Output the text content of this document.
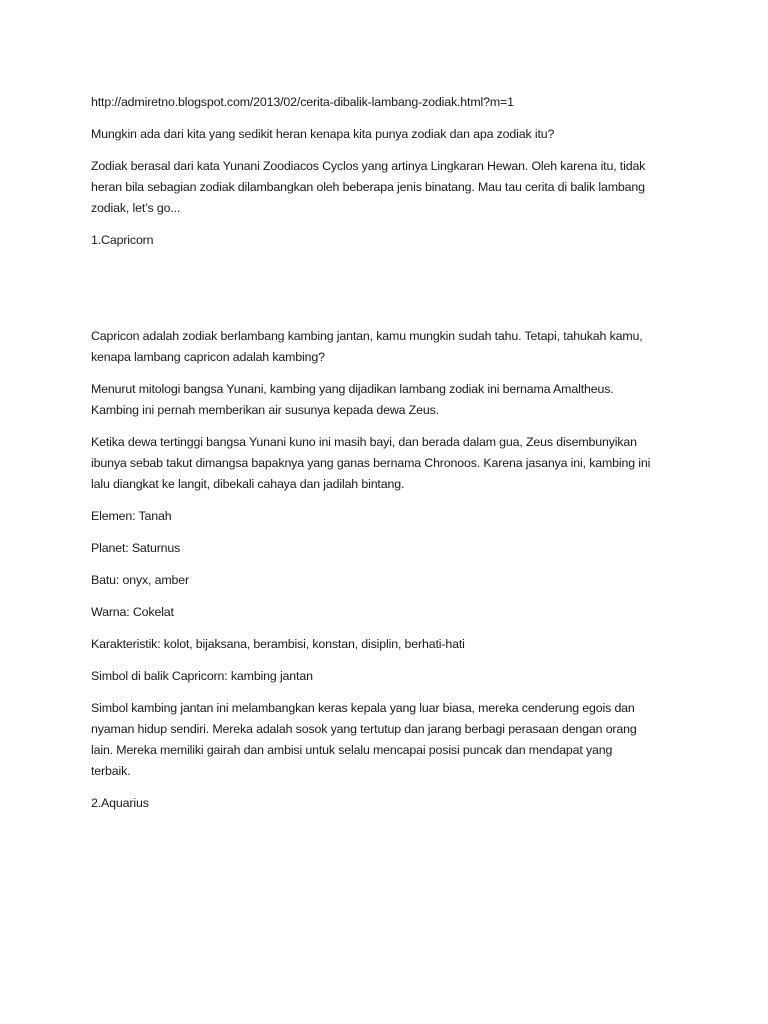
http://admiretno.blogspot.com/2013/02/cerita-dibalik-lambang-zodiak.html?m=1

Mungkin ada dari kita yang sedikit heran kenapa kita punya zodiak dan apa zodiak itu?

Zodiak berasal dari kata Yunani Zoodiacos Cyclos yang artinya Lingkaran Hewan. Oleh karena itu, tidak
heran bila sebagian zodiak dilambangkan oleh beberapa jenis binatang. Mau tau cerita di balik lambang
zodiak, let’s go...

1.Capricorn

Capricon adalah zodiak berlambang kambing jantan, kamu mungkin sudah tahu. Tetapi, tahukah kamu,
kenapa lambang capricon adalah kambing?

Menurut mitologi bangsa Yunani, kambing yang dijadikan lambang zodiak ini bernama Amaltheus.
Kambing ini pernah memberikan air susunya kepada dewa Zeus.

Ketika dewa tertinggi bangsa Yunani kuno ini masih bayi, dan berada dalam gua, Zeus disembunyikan
ibunya sebab takut dimangsa bapaknya yang ganas bernama Chronoos. Karena jasanya ini, kambing ini
lalu diangkat ke langit, dibekali cahaya dan jadilah bintang.

Elemen: Tanah

Planet: Saturnus

Batu: onyx, amber

Warna: Cokelat

Karakteristik: kolot, bijaksana, berambisi, konstan, disiplin, berhati-hati

Simbol di balik Capricorn: kambing jantan

Simbol kambing jantan ini melambangkan keras kepala yang luar biasa, mereka cenderung egois dan
nyaman hidup sendiri. Mereka adalah sosok yang tertutup dan jarang berbagi perasaan dengan orang
lain. Mereka memiliki gairah dan ambisi untuk selalu mencapai posisi puncak dan mendapat yang
terbaik.

2.Aquarius
